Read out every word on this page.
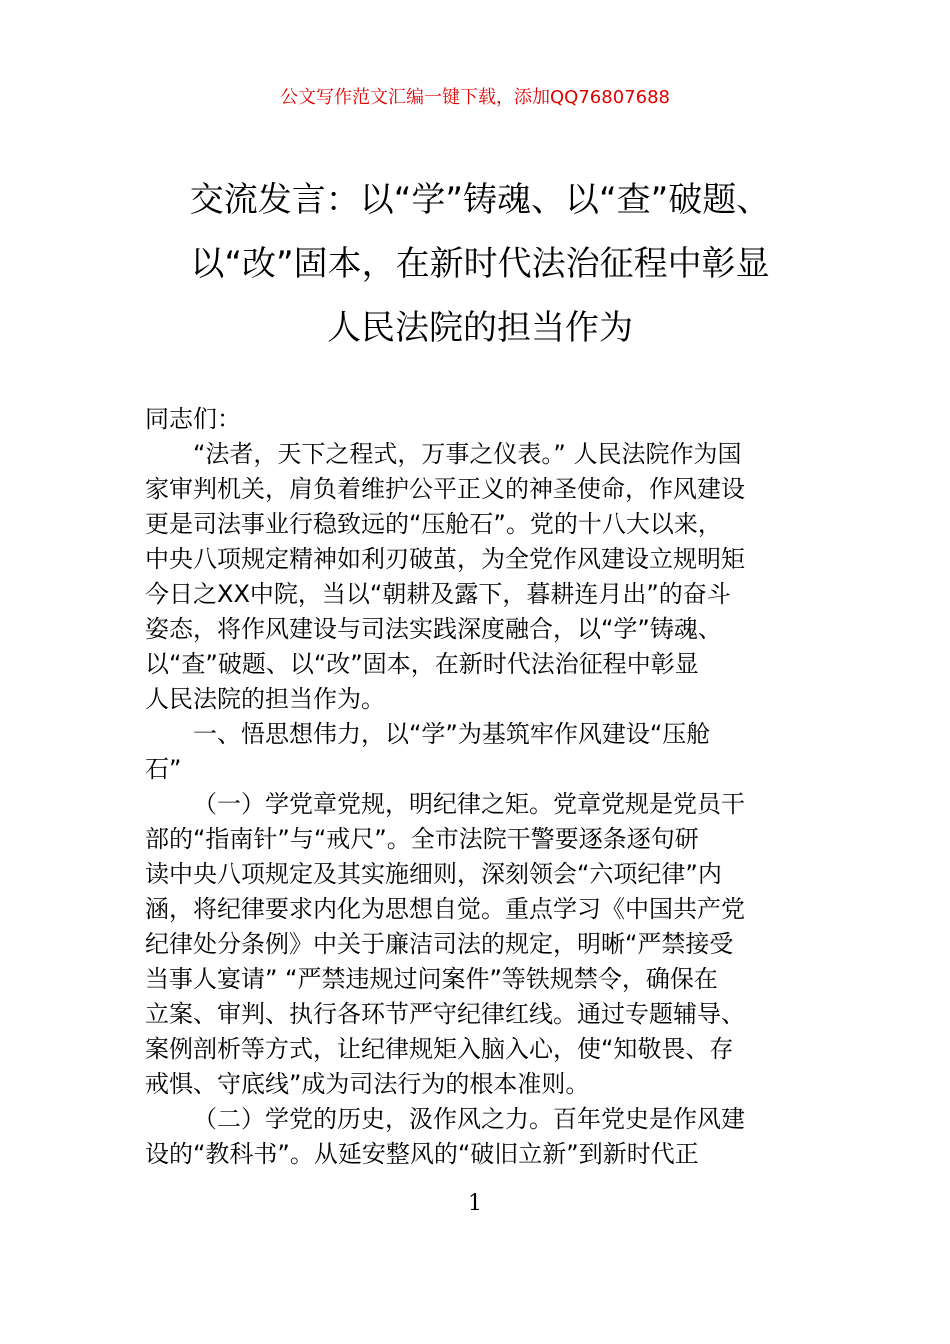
公文写作范文汇编一键下载，添加QQ76807688
交流发言：以“学”铸魂、以“查”破题、
以“改”固本，在新时代法治征程中彰显
人民法院的担当作为
同志们：
“法者，天下之程式，万事之仪表。” 人民法院作为国
家审判机关，肩负着维护公平正义的神圣使命，作风建设
更是司法事业行稳致远的“压舱石”。党的十八大以来，
中央八项规定精神如利刃破茧，为全党作风建设立规明矩
今日之XX中院，当以“朝耕及露下，暮耕连月出”的奋斗
姿态，将作风建设与司法实践深度融合，以“学”铸魂、
以“查”破题、以“改”固本，在新时代法治征程中彰显
人民法院的担当作为。
一、悟思想伟力，以“学”为基筑牢作风建设“压舱
石”
（一）学党章党规，明纪律之矩。党章党规是党员干
部的“指南针”与“戒尺”。全市法院干警要逐条逐句研
读中央八项规定及其实施细则，深刻领会“六项纪律”内
涵，将纪律要求内化为思想自觉。重点学习《中国共产党
纪律处分条例》中关于廉洁司法的规定，明晰“严禁接受
当事人宴请” “严禁违规过问案件”等铁规禁令，确保在
立案、审判、执行各环节严守纪律红线。通过专题辅导、
案例剖析等方式，让纪律规矩入脑入心，使“知敬畏、存
戒惧、守底线”成为司法行为的根本准则。
（二）学党的历史，汲作风之力。百年党史是作风建
设的“教科书”。从延安整风的“破旧立新”到新时代正
1
